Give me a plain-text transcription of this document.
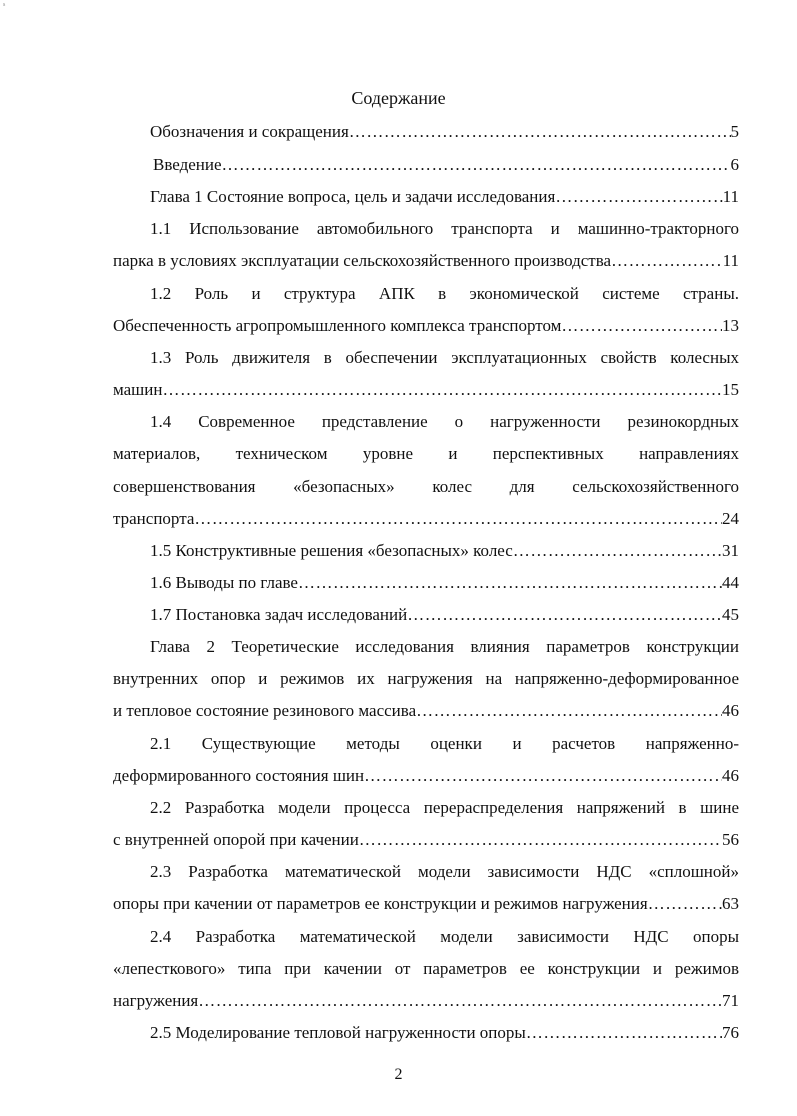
s
Содержание
Обозначения и сокращения ………………………………………………………………………………………………………………………………………………………………………………	5
Введение ………………………………………………………………………………………………………………………………………………………………………………	6
Глава 1 Состояние вопроса, цель и задачи исследования ………………………………………………………………………………………………………………………………………………………………………………	11
1.1 Использование автомобильного транспорта и машинно-тракторного
парка в условиях эксплуатации сельскохозяйственного производства ………………………………………………………………………………………………………………………………………………………………………………	11
1.2 Роль и структура АПК в экономической системе страны.
Обеспеченность агропромышленного комплекса транспортом ………………………………………………………………………………………………………………………………………………………………………………	13
1.3 Роль движителя в обеспечении эксплуатационных свойств колесных
машин ………………………………………………………………………………………………………………………………………………………………………………	15
1.4 Современное представление о нагруженности резинокордных
материалов, техническом уровне и перспективных направлениях
совершенствования «безопасных» колес для сельскохозяйственного
транспорта ………………………………………………………………………………………………………………………………………………………………………………	24
1.5 Конструктивные решения «безопасных» колес ………………………………………………………………………………………………………………………………………………………………………………	31
1.6 Выводы по главе ………………………………………………………………………………………………………………………………………………………………………………	44
1.7 Постановка задач исследований ………………………………………………………………………………………………………………………………………………………………………………	45
Глава 2 Теоретические исследования влияния параметров конструкции
внутренних опор и режимов их нагружения на напряженно-деформированное
и тепловое состояние резинового массива ………………………………………………………………………………………………………………………………………………………………………………	46
2.1 Существующие методы оценки и расчетов напряженно-
деформированного состояния шин ………………………………………………………………………………………………………………………………………………………………………………	46
2.2 Разработка модели процесса перераспределения напряжений в шине
с внутренней опорой при качении ………………………………………………………………………………………………………………………………………………………………………………	56
2.3 Разработка математической модели зависимости НДС «сплошной»
опоры при качении от параметров ее конструкции и режимов нагружения ………………………………………………………………………………………………………………………………………………………………………………	63
2.4 Разработка математической модели зависимости НДС опоры
«лепесткового» типа при качении от параметров ее конструкции и режимов
нагружения ………………………………………………………………………………………………………………………………………………………………………………	71
2.5 Моделирование тепловой нагруженности опоры ………………………………………………………………………………………………………………………………………………………………………………	76
2
